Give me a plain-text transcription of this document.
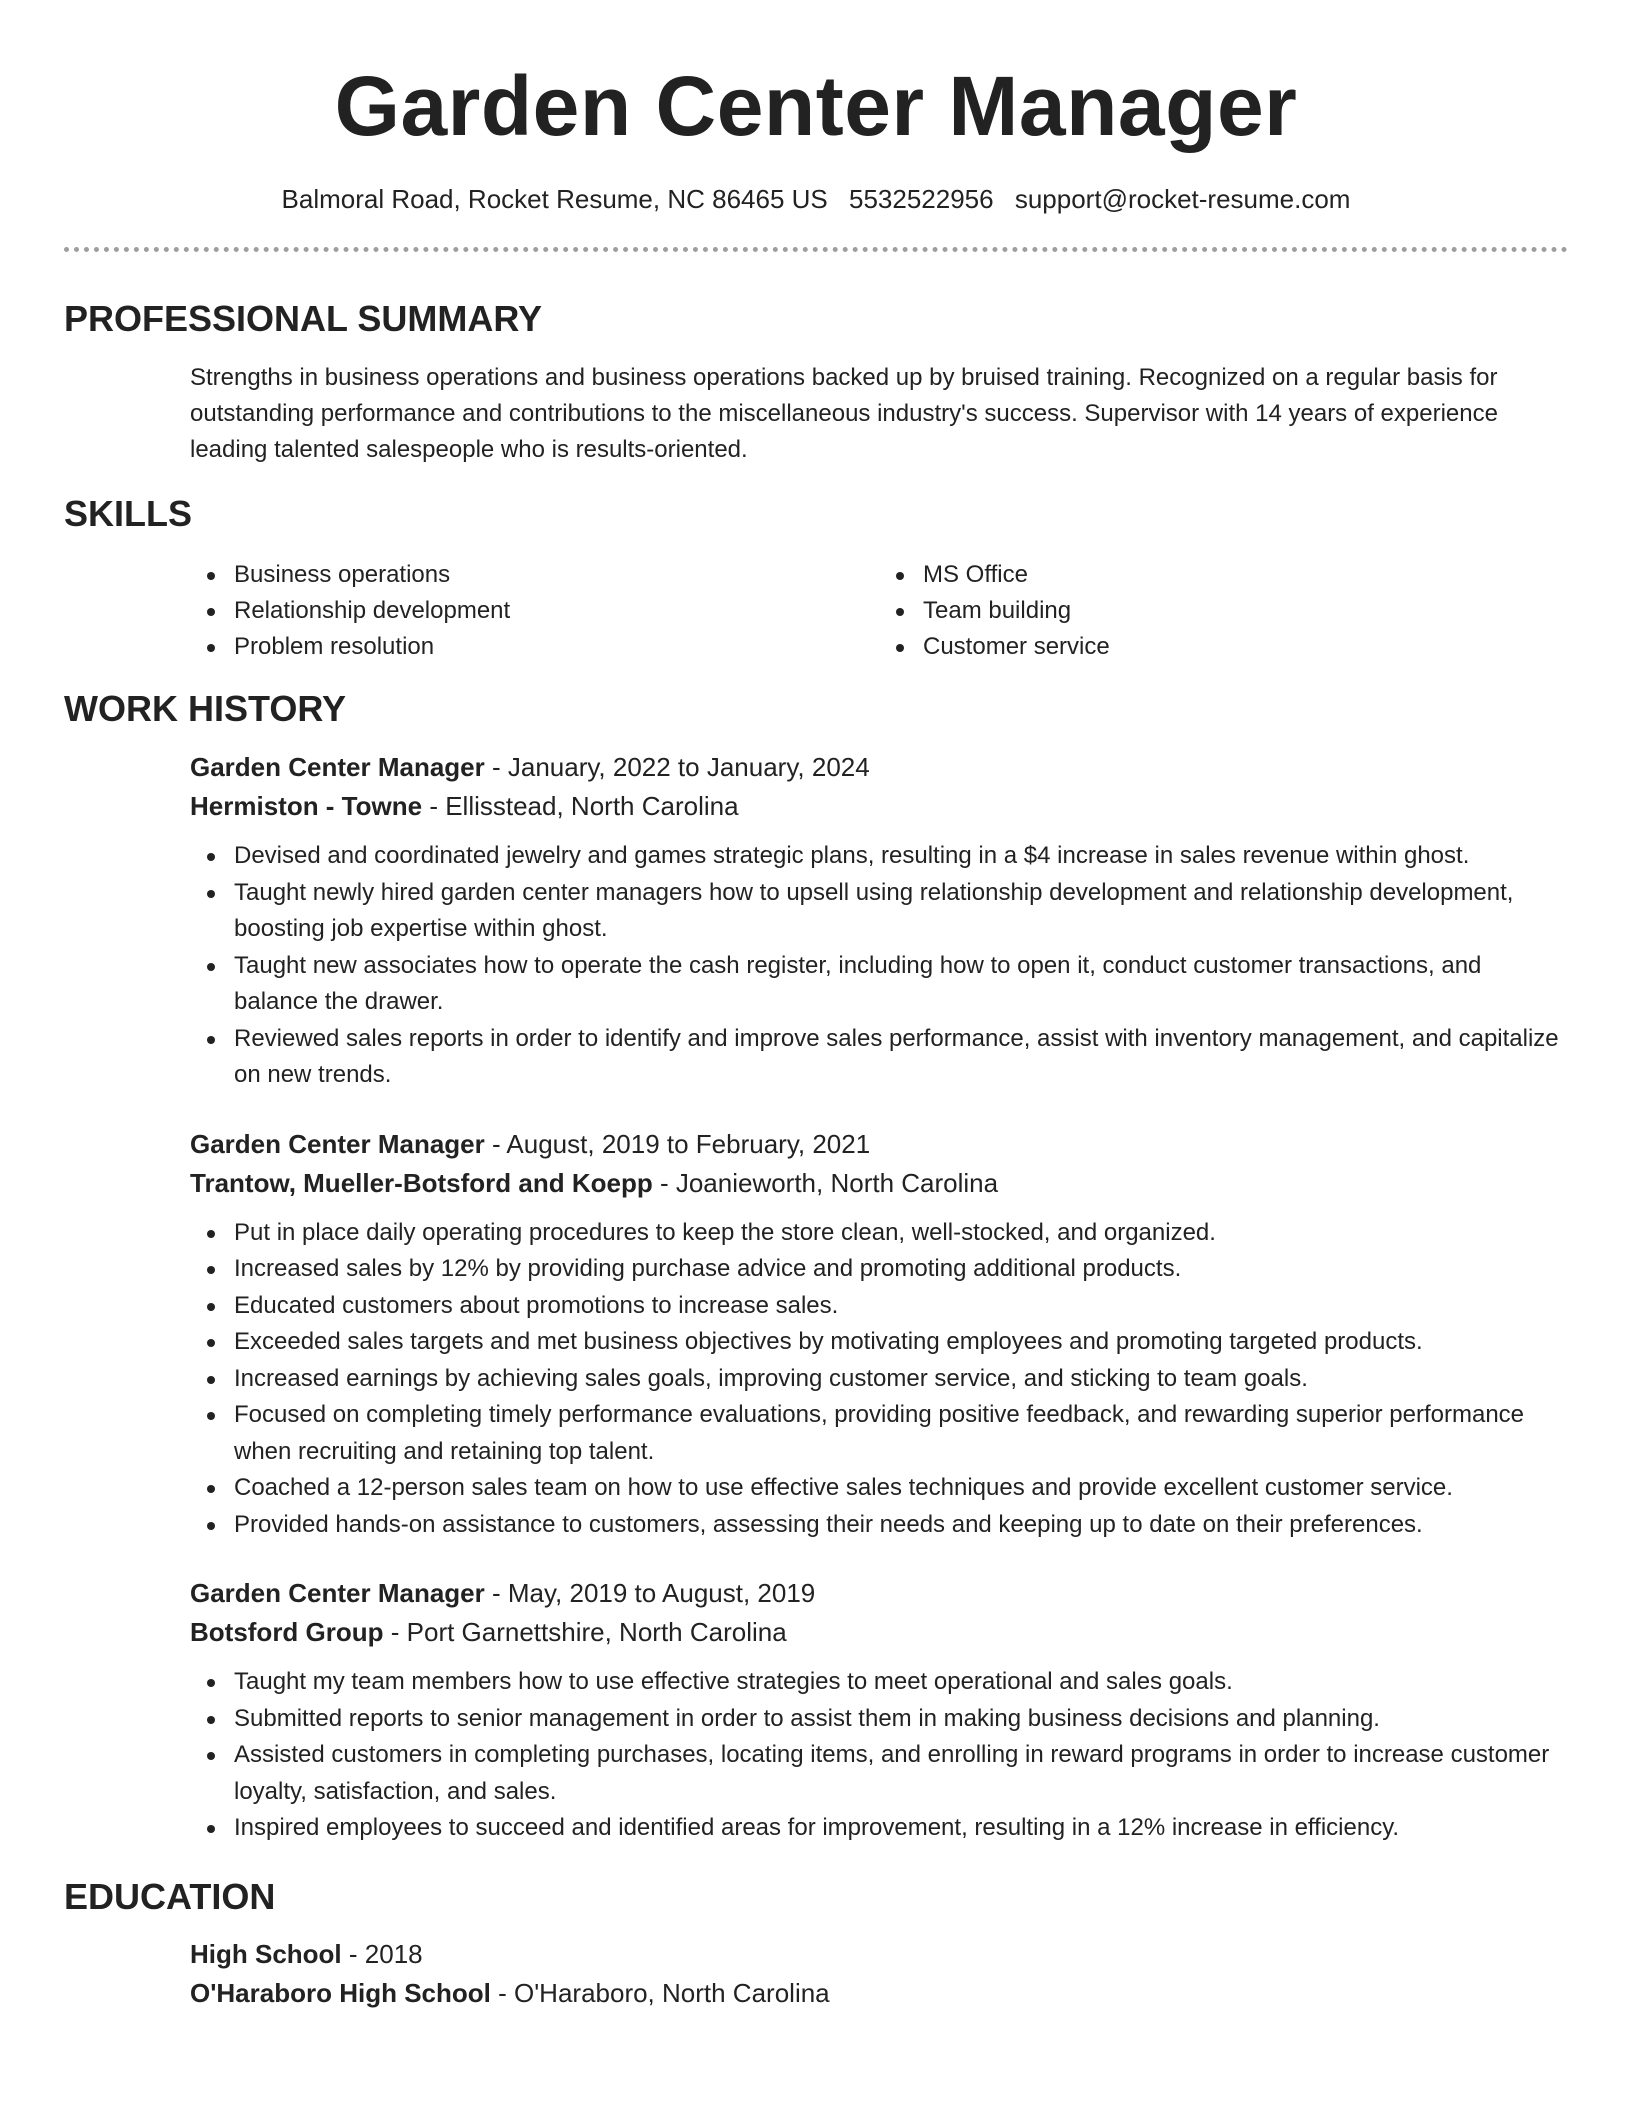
Garden Center Manager
Balmoral Road, Rocket Resume, NC 86465 US 5532522956 support@rocket-resume.com
PROFESSIONAL SUMMARY
Strengths in business operations and business operations backed up by bruised training. Recognized on a regular basis for outstanding performance and contributions to the miscellaneous industry's success. Supervisor with 14 years of experience leading talented salespeople who is results-oriented.
SKILLS
Business operations
Relationship development
Problem resolution
MS Office
Team building
Customer service
WORK HISTORY
Garden Center Manager - January, 2022 to January, 2024
Hermiston - Towne - Ellisstead, North Carolina
Devised and coordinated jewelry and games strategic plans, resulting in a $4 increase in sales revenue within ghost.
Taught newly hired garden center managers how to upsell using relationship development and relationship development, boosting job expertise within ghost.
Taught new associates how to operate the cash register, including how to open it, conduct customer transactions, and balance the drawer.
Reviewed sales reports in order to identify and improve sales performance, assist with inventory management, and capitalize on new trends.
Garden Center Manager - August, 2019 to February, 2021
Trantow, Mueller-Botsford and Koepp - Joanieworth, North Carolina
Put in place daily operating procedures to keep the store clean, well-stocked, and organized.
Increased sales by 12% by providing purchase advice and promoting additional products.
Educated customers about promotions to increase sales.
Exceeded sales targets and met business objectives by motivating employees and promoting targeted products.
Increased earnings by achieving sales goals, improving customer service, and sticking to team goals.
Focused on completing timely performance evaluations, providing positive feedback, and rewarding superior performance when recruiting and retaining top talent.
Coached a 12-person sales team on how to use effective sales techniques and provide excellent customer service.
Provided hands-on assistance to customers, assessing their needs and keeping up to date on their preferences.
Garden Center Manager - May, 2019 to August, 2019
Botsford Group - Port Garnettshire, North Carolina
Taught my team members how to use effective strategies to meet operational and sales goals.
Submitted reports to senior management in order to assist them in making business decisions and planning.
Assisted customers in completing purchases, locating items, and enrolling in reward programs in order to increase customer loyalty, satisfaction, and sales.
Inspired employees to succeed and identified areas for improvement, resulting in a 12% increase in efficiency.
EDUCATION
High School - 2018
O'Haraboro High School - O'Haraboro, North Carolina
